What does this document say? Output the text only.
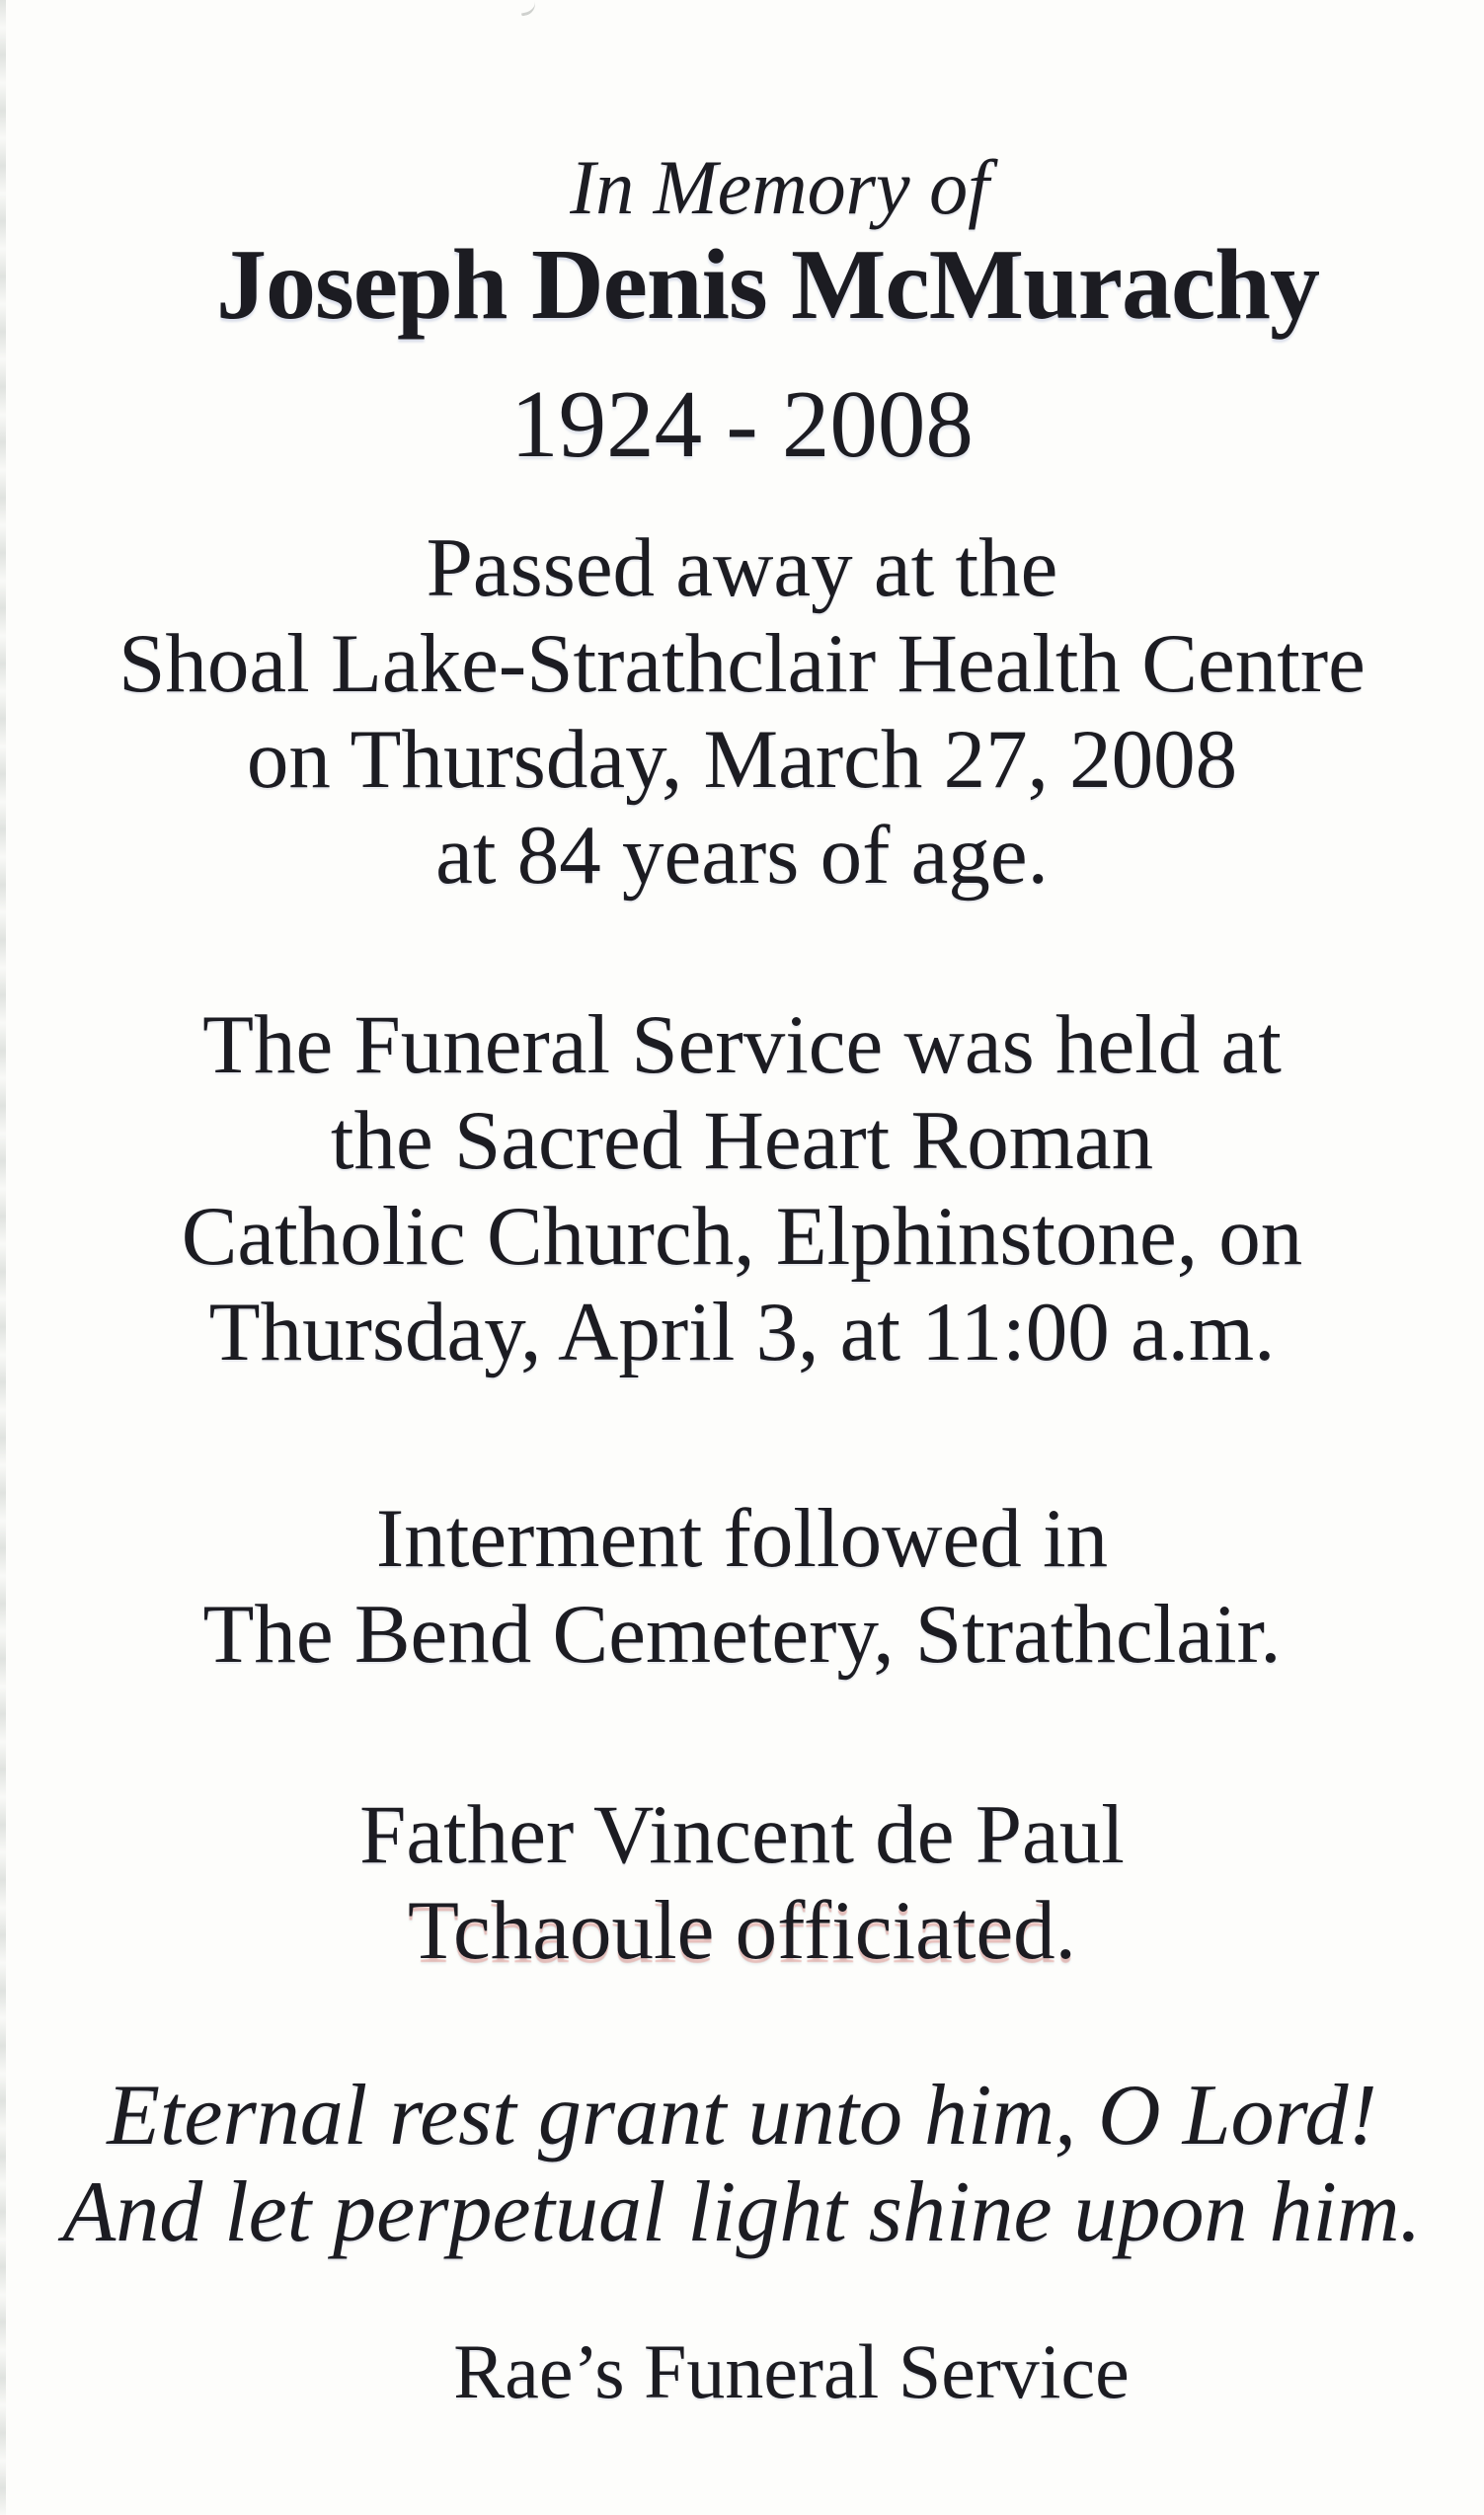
In Memory of
Joseph Denis McMurachy
1924 - 2008
Passed away at the
Shoal Lake-Strathclair Health Centre
on Thursday, March 27, 2008
at 84 years of age.
The Funeral Service was held at
the Sacred Heart Roman
Catholic Church, Elphinstone, on
Thursday, April 3, at 11:00 a.m.
Interment followed in
The Bend Cemetery, Strathclair.
Father Vincent de Paul
Tchaoule officiated.
Eternal rest grant unto him, O Lord!
And let perpetual light shine upon him.
Rae’s Funeral Service
